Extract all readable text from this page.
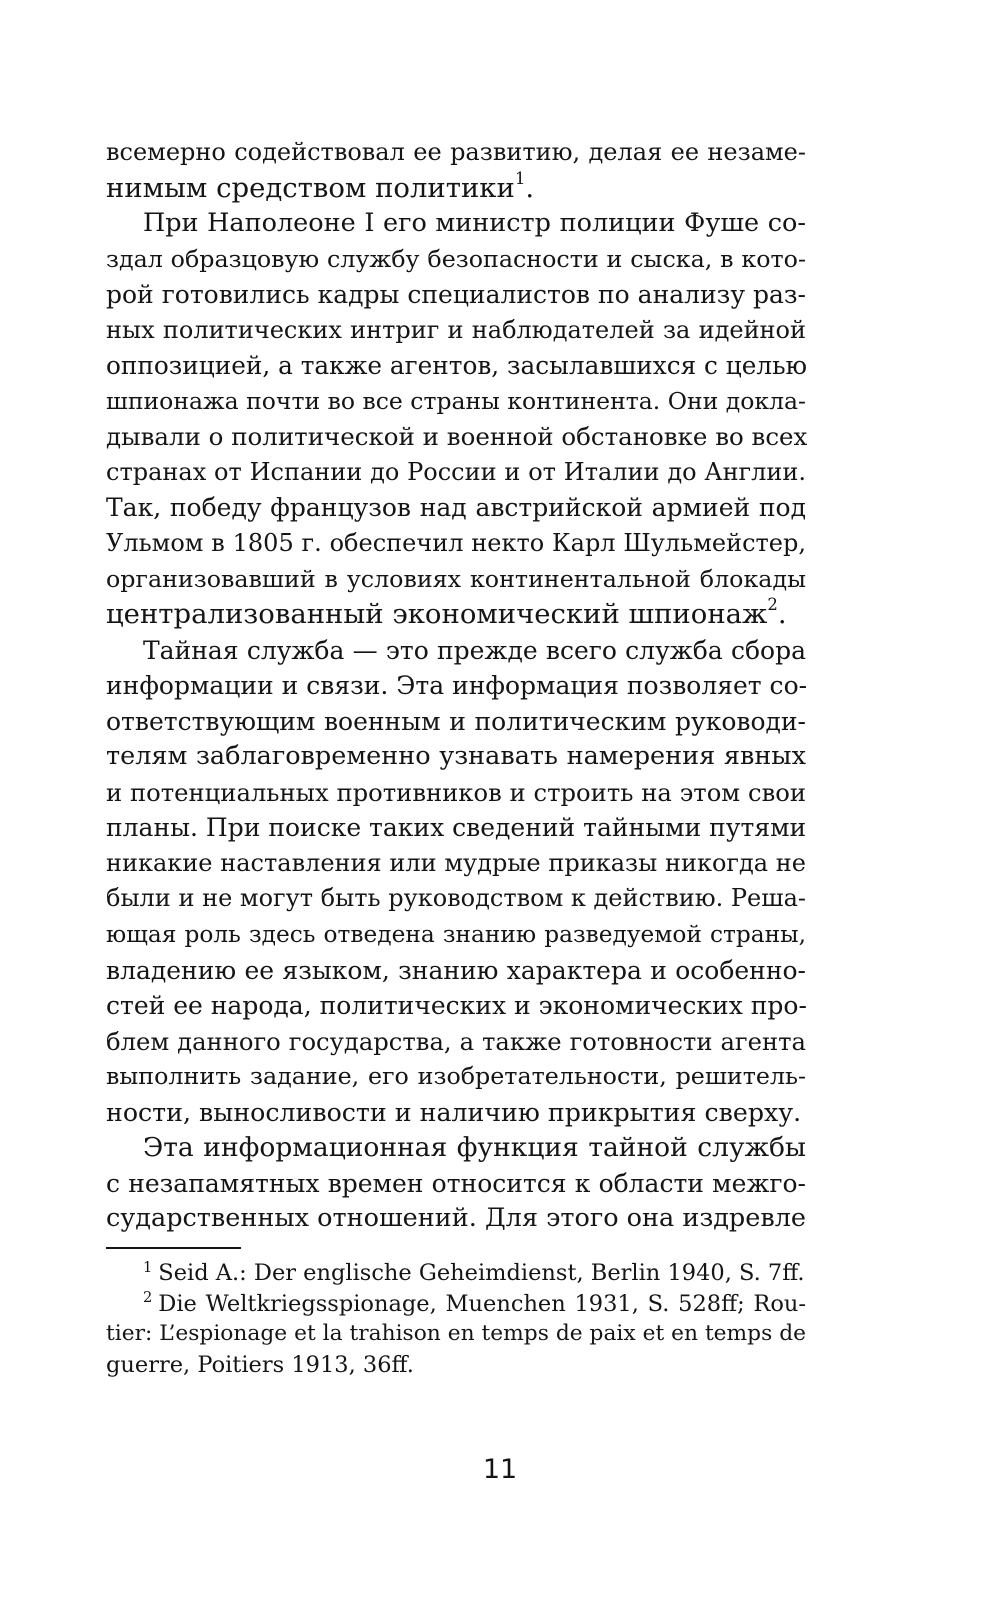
всемерно содействовал ее развитию, делая ее незаме-
нимым средством политики$^1$.
При Наполеоне I его министр полиции Фуше со-
здал образцовую службу безопасности и сыска, в кото-
рой готовились кадры специалистов по анализу раз-
ных политических интриг и наблюдателей за идейной
оппозицией, а также агентов, засылавшихся с целью
шпионажа почти во все страны континента. Они докла-
дывали о политической и военной обстановке во всех
странах от Испании до России и от Италии до Англии.
Так, победу французов над австрийской армией под
Ульмом в 1805 г. обеспечил некто Карл Шульмейстер,
организовавший в условиях континентальной блокады
централизованный экономический шпионаж$^2$.
Тайная служба — это прежде всего служба сбора
информации и связи. Эта информация позволяет со-
ответствующим военным и политическим руководи-
телям заблаговременно узнавать намерения явных
и потенциальных противников и строить на этом свои
планы. При поиске таких сведений тайными путями
никакие наставления или мудрые приказы никогда не
были и не могут быть руководством к действию. Реша-
ющая роль здесь отведена знанию разведуемой страны,
владению ее языком, знанию характера и особенно-
стей ее народа, политических и экономических про-
блем данного государства, а также готовности агента
выполнить задание, его изобретательности, решитель-
ности, выносливости и наличию прикрытия сверху.
Эта информационная функция тайной службы
с незапамятных времен относится к области межго-
сударственных отношений. Для этого она издревле
$^1$ Seid A.: Der englische Geheimdienst, Berlin 1940, S. 7ff.
$^2$ Die Weltkriegsspionage, Muenchen 1931, S. 528ff; Rou-
tier: L’espionage et la trahison en temps de paix et en temps de
guerre, Poitiers 1913, 36ff.
11
